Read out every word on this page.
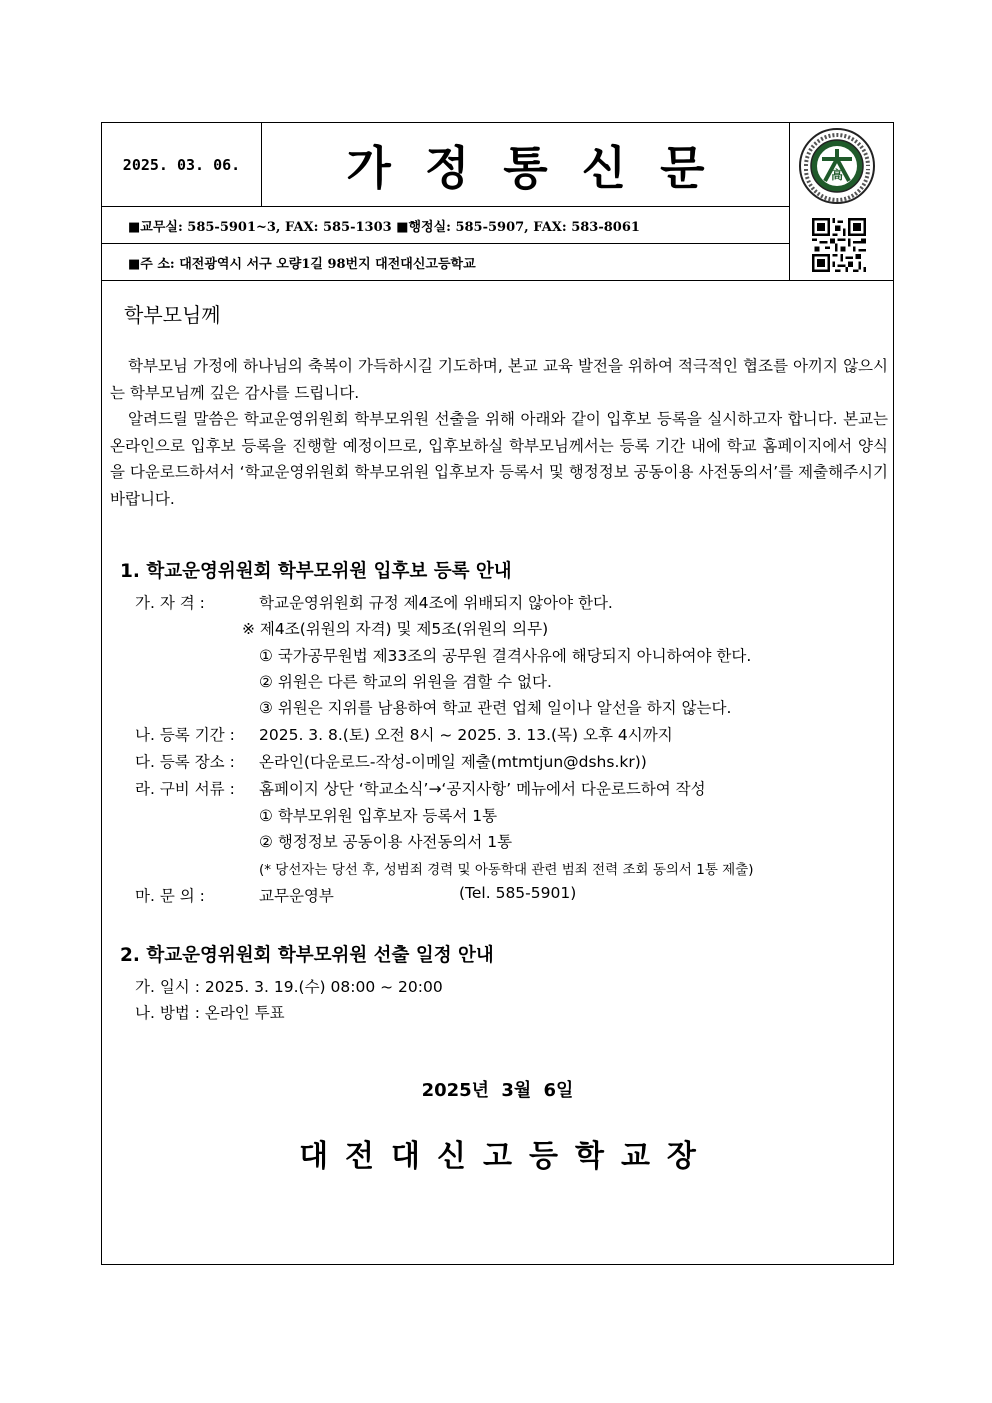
2025. 03. 06.	가정통신문	高
■교무실: 585-5901~3, FAX: 585-1303 ■행정실: 585-5907, FAX: 583-8061
■주 소: 대전광역시 서구 오량1길 98번지 대전대신고등학교
학부모님께

학부모님 가정에 하나님의 축복이 가득하시길 기도하며, 본교 교육 발전을 위하여 적극적인 협조를 아끼지 않으시는 학부모님께 깊은 감사를 드립니다.

알려드릴 말씀은 학교운영위원회 학부모위원 선출을 위해 아래와 같이 입후보 등록을 실시하고자 합니다. 본교는 온라인으로 입후보 등록을 진행할 예정이므로, 입후보하실 학부모님께서는 등록 기간 내에 학교 홈페이지에서 양식을 다운로드하셔서 ‘학교운영위원회 학부모위원 입후보자 등록서 및 행정정보 공동이용 사전동의서’를 제출해주시기 바랍니다.

1. 학교운영위원회 학부모위원 입후보 등록 안내
가. 자 격 :	학교운영위원회 규정 제4조에 위배되지 않아야 한다.
※ 제4조(위원의 자격) 및 제5조(위원의 의무)
① 국가공무원법 제33조의 공무원 결격사유에 해당되지 아니하여야 한다.
② 위원은 다른 학교의 위원을 겸할 수 없다.
③ 위원은 지위를 남용하여 학교 관련 업체 일이나 알선을 하지 않는다.
나. 등록 기간 : 2025. 3. 8.(토) 오전 8시 ~ 2025. 3. 13.(목) 오후 4시까지
다. 등록 장소 : 온라인(다운로드-작성-이메일 제출(mtmtjun@dshs.kr))
라. 구비 서류 : 홈페이지 상단 ‘학교소식’→‘공지사항’ 메뉴에서 다운로드하여 작성
① 학부모위원 입후보자 등록서 1통
② 행정정보 공동이용 사전동의서 1통
(* 당선자는 당선 후, 성범죄 경력 및 아동학대 관련 범죄 전력 조회 동의서 1통 제출)
마. 문 의 :	교무운영부	(Tel. 585-5901)
2. 학교운영위원회 학부모위원 선출 일정 안내
가. 일시 : 2025. 3. 19.(수) 08:00 ~ 20:00
나. 방법 : 온라인 투표
2025년 3월 6일
대전대신고등학교장
